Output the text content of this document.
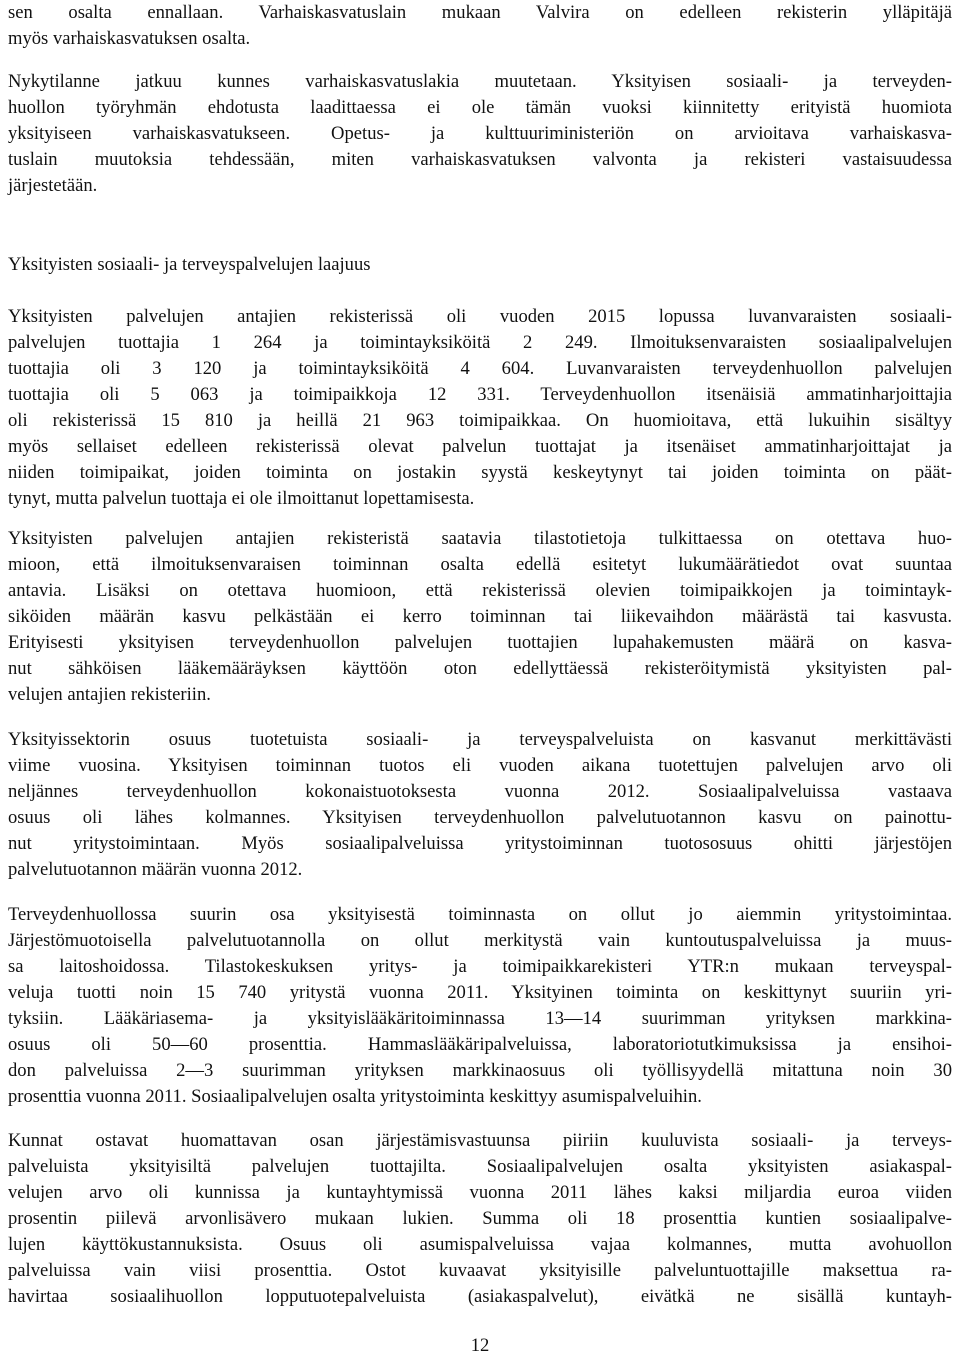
sen osalta ennallaan. Varhaiskasvatuslain mukaan Valvira on edelleen rekisterin ylläpitäjä
myös varhaiskasvatuksen osalta.
Nykytilanne jatkuu kunnes varhaiskasvatuslakia muutetaan. Yksityisen sosiaali- ja terveyden-
huollon työryhmän ehdotusta laadittaessa ei ole tämän vuoksi kiinnitetty erityistä huomiota
yksityiseen varhaiskasvatukseen. Opetus- ja kulttuuriministeriön on arvioitava varhaiskasva-
tuslain muutoksia tehdessään, miten varhaiskasvatuksen valvonta ja rekisteri vastaisuudessa
järjestetään.
Yksityisten sosiaali- ja terveyspalvelujen laajuus
Yksityisten palvelujen antajien rekisterissä oli vuoden 2015 lopussa luvanvaraisten sosiaali-
palvelujen tuottajia 1 264 ja toimintayksiköitä 2 249. Ilmoituksenvaraisten sosiaalipalvelujen
tuottajia oli 3 120 ja toimintayksiköitä 4 604. Luvanvaraisten terveydenhuollon palvelujen
tuottajia oli 5 063 ja toimipaikkoja 12 331. Terveydenhuollon itsenäisiä ammatinharjoittajia
oli rekisterissä 15 810 ja heillä 21 963 toimipaikkaa. On huomioitava, että lukuihin sisältyy
myös sellaiset edelleen rekisterissä olevat palvelun tuottajat ja itsenäiset ammatinharjoittajat ja
niiden toimipaikat, joiden toiminta on jostakin syystä keskeytynyt tai joiden toiminta on päät-
tynyt, mutta palvelun tuottaja ei ole ilmoittanut lopettamisesta.
Yksityisten palvelujen antajien rekisteristä saatavia tilastotietoja tulkittaessa on otettava huo-
mioon, että ilmoituksenvaraisen toiminnan osalta edellä esitetyt lukumäärätiedot ovat suuntaa
antavia. Lisäksi on otettava huomioon, että rekisterissä olevien toimipaikkojen ja toimintayk-
siköiden määrän kasvu pelkästään ei kerro toiminnan tai liikevaihdon määrästä tai kasvusta.
Erityisesti yksityisen terveydenhuollon palvelujen tuottajien lupahakemusten määrä on kasva-
nut sähköisen lääkemääräyksen käyttöön oton edellyttäessä rekisteröitymistä yksityisten pal-
velujen antajien rekisteriin.
Yksityissektorin osuus tuotetuista sosiaali- ja terveyspalveluista on kasvanut merkittävästi
viime vuosina. Yksityisen toiminnan tuotos eli vuoden aikana tuotettujen palvelujen arvo oli
neljännes terveydenhuollon kokonaistuotoksesta vuonna 2012. Sosiaalipalveluissa vastaava
osuus oli lähes kolmannes. Yksityisen terveydenhuollon palvelutuotannon kasvu on painottu-
nut yritystoimintaan. Myös sosiaalipalveluissa yritystoiminnan tuotososuus ohitti järjestöjen
palvelutuotannon määrän vuonna 2012.
Terveydenhuollossa suurin osa yksityisestä toiminnasta on ollut jo aiemmin yritystoimintaa.
Järjestömuotoisella palvelutuotannolla on ollut merkitystä vain kuntoutuspalveluissa ja muus-
sa laitoshoidossa. Tilastokeskuksen yritys- ja toimipaikkarekisteri YTR:n mukaan terveyspal-
veluja tuotti noin 15 740 yritystä vuonna 2011. Yksityinen toiminta on keskittynyt suuriin yri-
tyksiin. Lääkäriasema- ja yksityislääkäritoiminnassa 13—14 suurimman yrityksen markkina-
osuus oli 50—60 prosenttia. Hammaslääkäripalveluissa, laboratoriotutkimuksissa ja ensihoi-
don palveluissa 2—3 suurimman yrityksen markkinaosuus oli työllisyydellä mitattuna noin 30
prosenttia vuonna 2011. Sosiaalipalvelujen osalta yritystoiminta keskittyy asumispalveluihin.
Kunnat ostavat huomattavan osan järjestämisvastuunsa piiriin kuuluvista sosiaali- ja terveys-
palveluista yksityisiltä palvelujen tuottajilta. Sosiaalipalvelujen osalta yksityisten asiakaspal-
velujen arvo oli kunnissa ja kuntayhtymissä vuonna 2011 lähes kaksi miljardia euroa viiden
prosentin piilevä arvonlisävero mukaan lukien. Summa oli 18 prosenttia kuntien sosiaalipalve-
lujen käyttökustannuksista. Osuus oli asumispalveluissa vajaa kolmannes, mutta avohuollon
palveluissa vain viisi prosenttia. Ostot kuvaavat yksityisille palveluntuottajille maksettua ra-
havirtaa sosiaalihuollon lopputuotepalveluista (asiakaspalvelut), eivätkä ne sisällä kuntayh-
12
